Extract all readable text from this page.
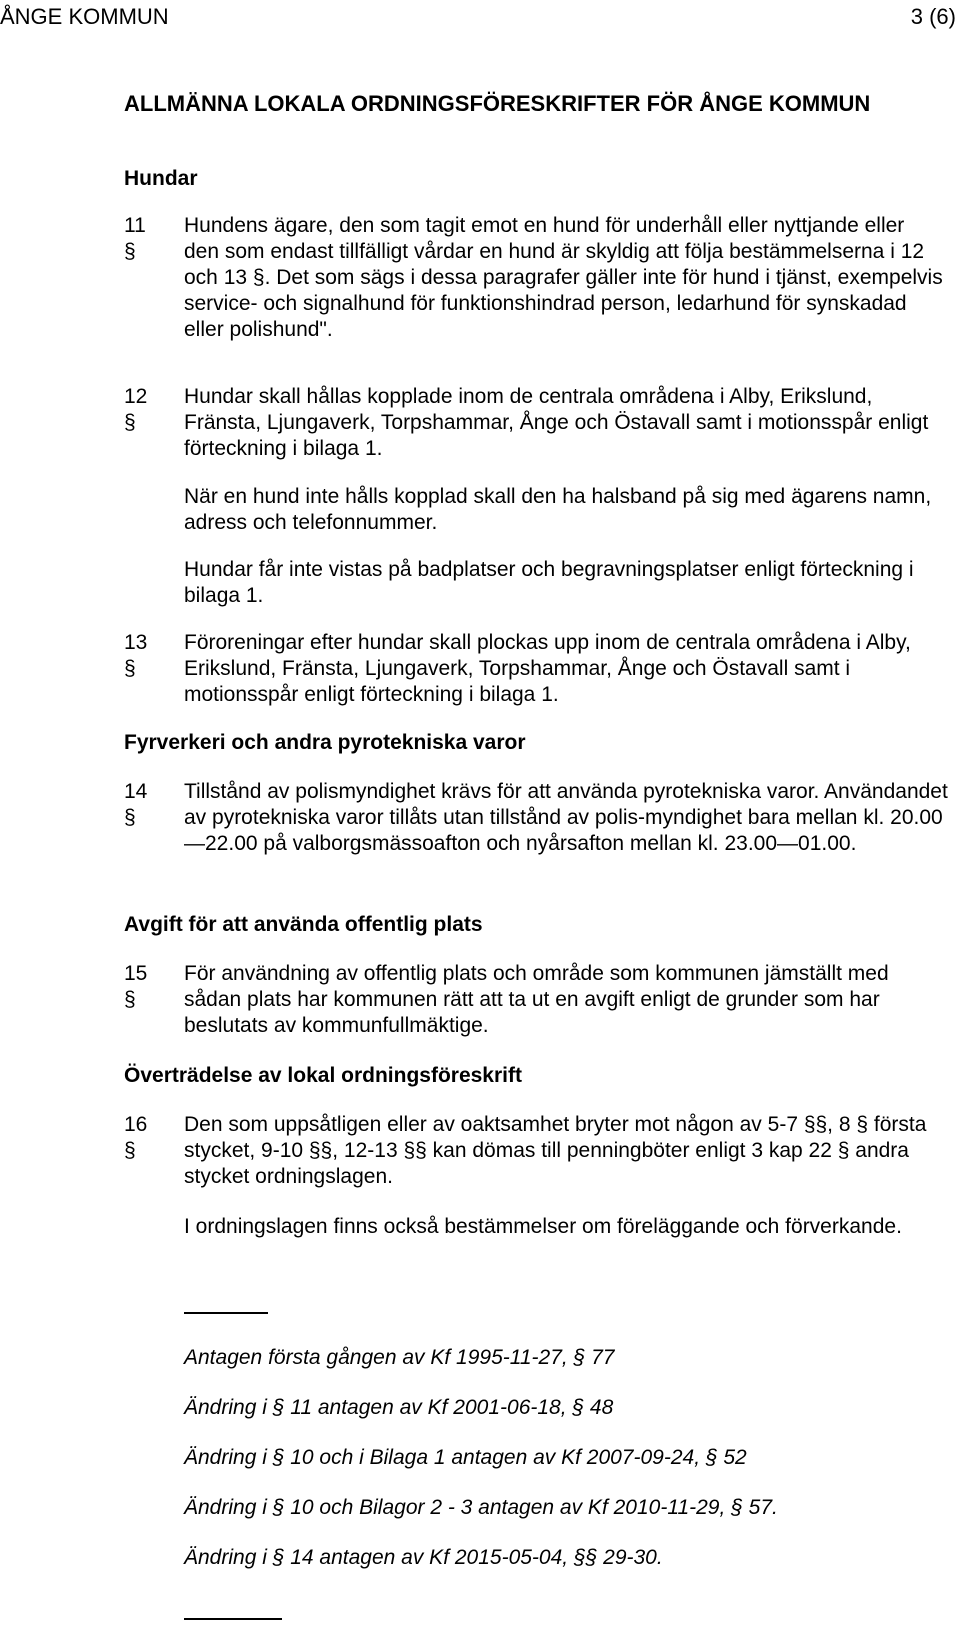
ÅNGE KOMMUN	3 (6)
ALLMÄNNA LOKALA ORDNINGSFÖRESKRIFTER FÖR ÅNGE KOMMUN
Hundar
11 §
Hundens ägare, den som tagit emot en hund för underhåll eller nyttjande eller den som endast tillfälligt vårdar en hund är skyldig att följa bestämmelserna i 12 och 13 §. Det som sägs i dessa paragrafer gäller inte för hund i tjänst, exempelvis service- och signalhund för funktionshindrad person, ledarhund för synskadad eller polishund".
12 §
Hundar skall hållas kopplade inom de centrala områdena i Alby, Erikslund, Fränsta, Ljungaverk, Torpshammar, Ånge och Östavall samt i motionsspår enligt förteckning i bilaga 1.
När en hund inte hålls kopplad skall den ha halsband på sig med ägarens namn, adress och telefonnummer.
Hundar får inte vistas på badplatser och begravningsplatser enligt förteckning i bilaga 1.
13 §
Föroreningar efter hundar skall plockas upp inom de centrala områdena i Alby, Erikslund, Fränsta, Ljungaverk, Torpshammar, Ånge och Östavall samt i motionsspår enligt förteckning i bilaga 1.
Fyrverkeri och andra pyrotekniska varor
14 §
Tillstånd av polismyndighet krävs för att använda pyrotekniska varor. Användandet av pyrotekniska varor tillåts utan tillstånd av polis-myndighet bara mellan kl. 20.00—22.00 på valborgsmässoafton och nyårsafton mellan kl. 23.00—01.00.
Avgift för att använda offentlig plats
15 §
För användning av offentlig plats och område som kommunen jämställt med sådan plats har kommunen rätt att ta ut en avgift enligt de grunder som har beslutats av kommunfullmäktige.
Överträdelse av lokal ordningsföreskrift
16 §
Den som uppsåtligen eller av oaktsamhet bryter mot någon av 5-7 §§, 8 § första stycket, 9-10 §§, 12-13 §§ kan dömas till penningböter enligt 3 kap 22 § andra stycket ordningslagen.
I ordningslagen finns också bestämmelser om föreläggande och förverkande.
Antagen första gången av Kf 1995-11-27, § 77
Ändring i § 11 antagen av Kf 2001-06-18, § 48
Ändring i § 10 och i Bilaga 1 antagen av Kf 2007-09-24, § 52
Ändring i § 10 och Bilagor 2 - 3 antagen av Kf 2010-11-29, § 57.
Ändring i § 14 antagen av Kf 2015-05-04, §§ 29-30.
